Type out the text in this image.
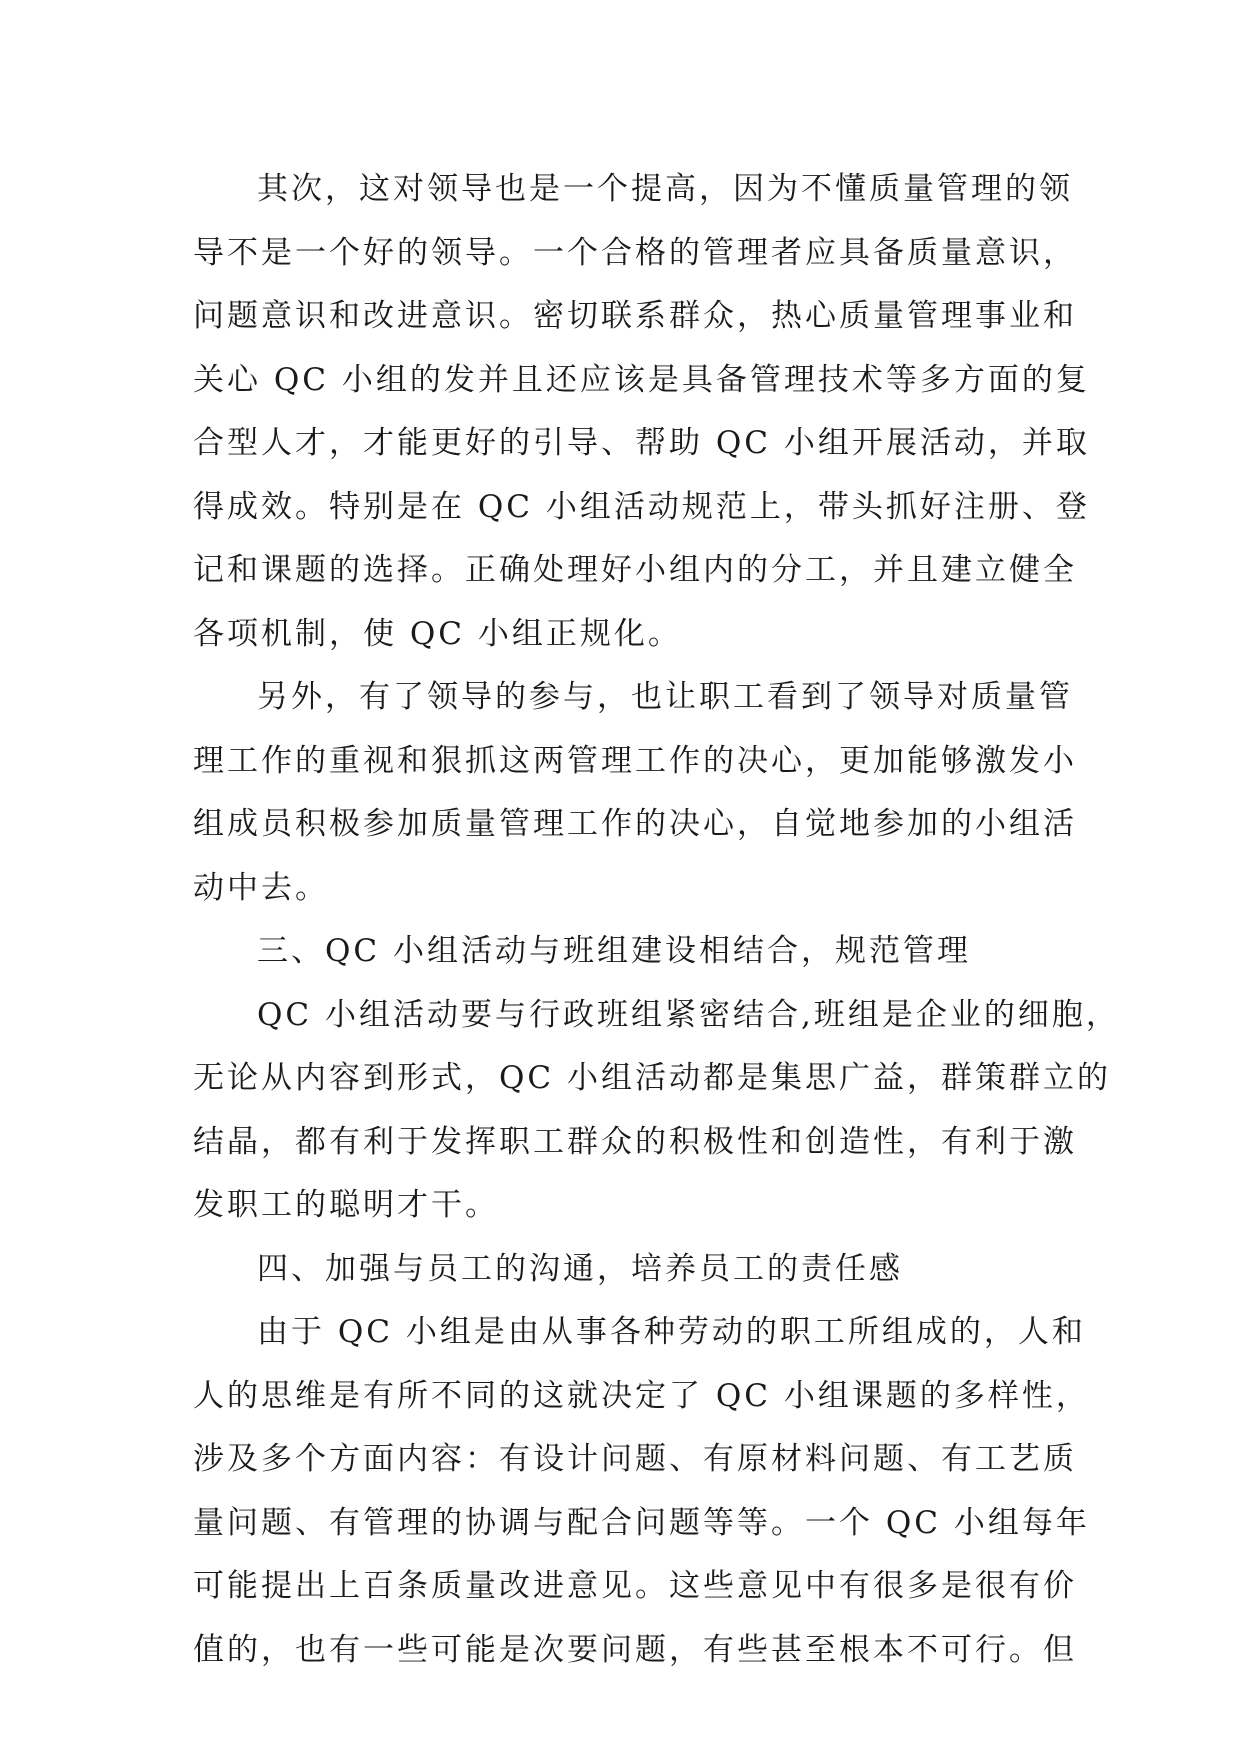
其次，这对领导也是一个提高，因为不懂质量管理的领
导不是一个好的领导。一个合格的管理者应具备质量意识，
问题意识和改进意识。密切联系群众，热心质量管理事业和
关心 QC 小组的发并且还应该是具备管理技术等多方面的复
合型人才，才能更好的引导、帮助 QC 小组开展活动，并取
得成效。特别是在 QC 小组活动规范上，带头抓好注册、登
记和课题的选择。正确处理好小组内的分工，并且建立健全
各项机制，使 QC 小组正规化。
另外，有了领导的参与，也让职工看到了领导对质量管
理工作的重视和狠抓这两管理工作的决心，更加能够激发小
组成员积极参加质量管理工作的决心，自觉地参加的小组活
动中去。
三、QC 小组活动与班组建设相结合，规范管理
QC 小组活动要与行政班组紧密结合,班组是企业的细胞，
无论从内容到形式，QC 小组活动都是集思广益，群策群立的
结晶，都有利于发挥职工群众的积极性和创造性，有利于激
发职工的聪明才干。
四、加强与员工的沟通，培养员工的责任感
由于 QC 小组是由从事各种劳动的职工所组成的，人和
人的思维是有所不同的这就决定了 QC 小组课题的多样性，
涉及多个方面内容：有设计问题、有原材料问题、有工艺质
量问题、有管理的协调与配合问题等等。一个 QC 小组每年
可能提出上百条质量改进意见。这些意见中有很多是很有价
值的，也有一些可能是次要问题，有些甚至根本不可行。但
